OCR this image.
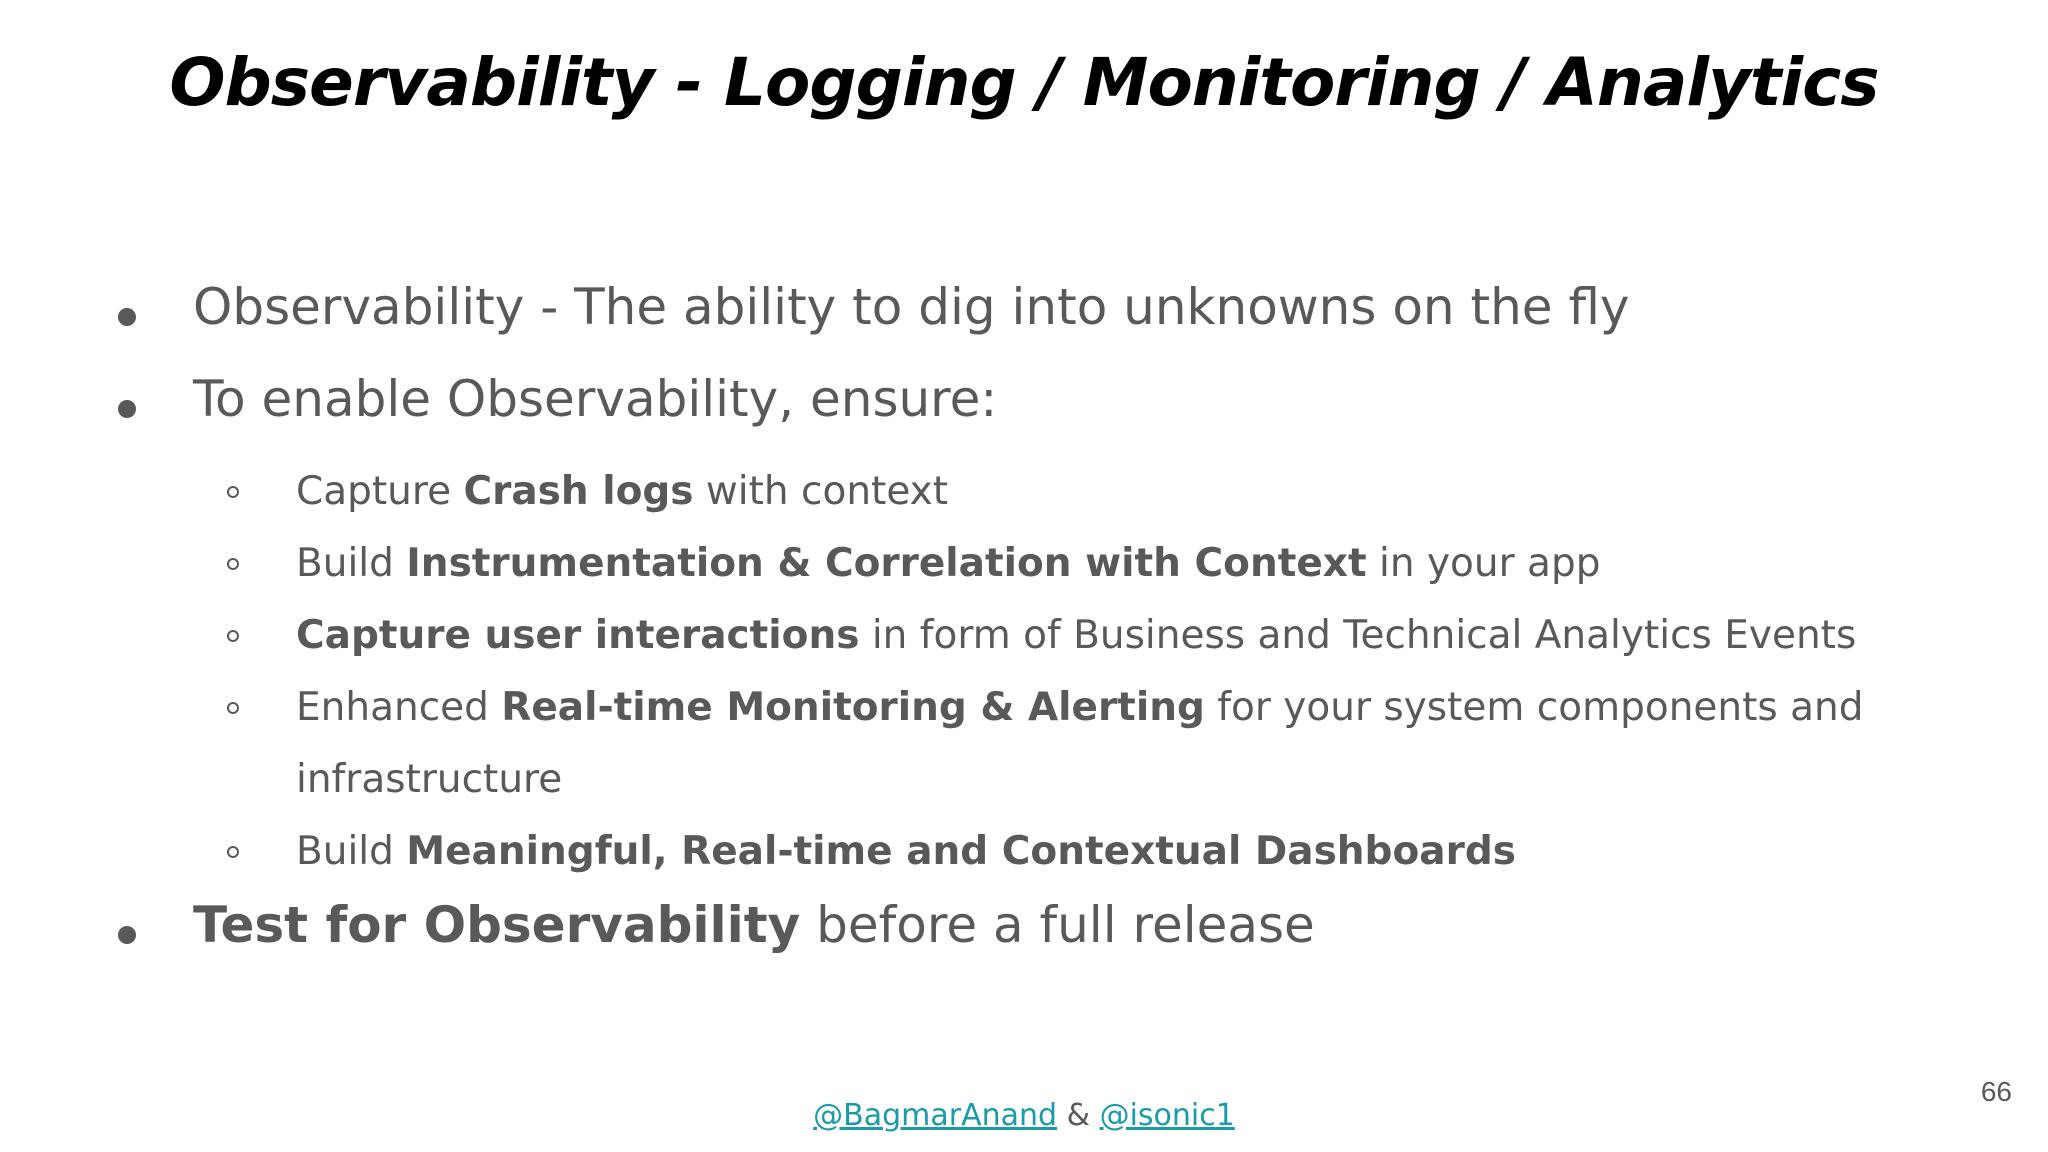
Observability - Logging / Monitoring / Analytics
Observability - The ability to dig into unknowns on the fly
To enable Observability, ensure:
Capture Crash logs with context
Build Instrumentation & Correlation with Context in your app
Capture user interactions in form of Business and Technical Analytics Events
Enhanced Real-time Monitoring & Alerting for your system components and
infrastructure
Build Meaningful, Real-time and Contextual Dashboards
Test for Observability before a full release
@BagmarAnand & @isonic1
66
